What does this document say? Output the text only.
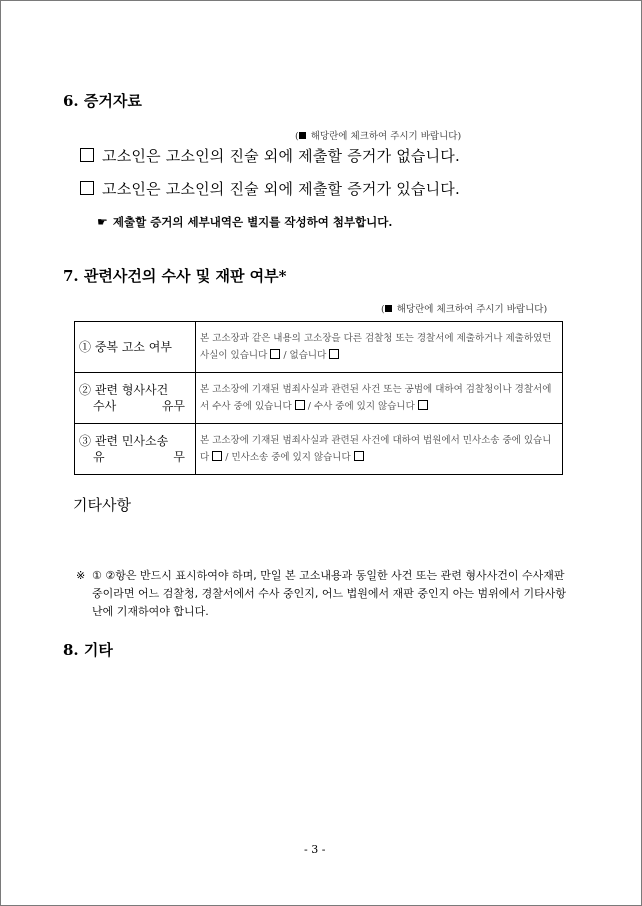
6. 증거자료
( 해당란에 체크하여 주시기 바랍니다)
고소인은 고소인의 진술 외에 제출할 증거가 없습니다.
고소인은 고소인의 진술 외에 제출할 증거가 있습니다.
☛ 제출할 증거의 세부내역은 별지를 작성하여 첨부합니다.
7. 관련사건의 수사 및 재판 여부*
( 해당란에 체크하여 주시기 바랍니다)
① 중복 고소 여부	본 고소장과 같은 내용의 고소장을 다른 검찰청 또는 경찰서에 제출하거나 제출하였던 사실이 있습니다  / 없습니다

② 관련 형사사건
수사 유무	본 고소장에 기재된 범죄사실과 관련된 사건 또는 공범에 대하여 검찰청이나 경찰서에서 수사 중에 있습니다  / 수사 중에 있지 않습니다

③ 관련 민사소송
유 무	본 고소장에 기재된 범죄사실과 관련된 사건에 대하여 법원에서 민사소송 중에 있습니다  / 민사소송 중에 있지 않습니다
기타사항
※ ① ②항은 반드시 표시하여야 하며, 만일 본 고소내용과 동일한 사건 또는 관련 형사사건이 수사재판 중이라면 어느 검찰청, 경찰서에서 수사 중인지, 어느 법원에서 재판 중인지 아는 범위에서 기타사항 난에 기재하여야 합니다.
8. 기타
- 3 -
